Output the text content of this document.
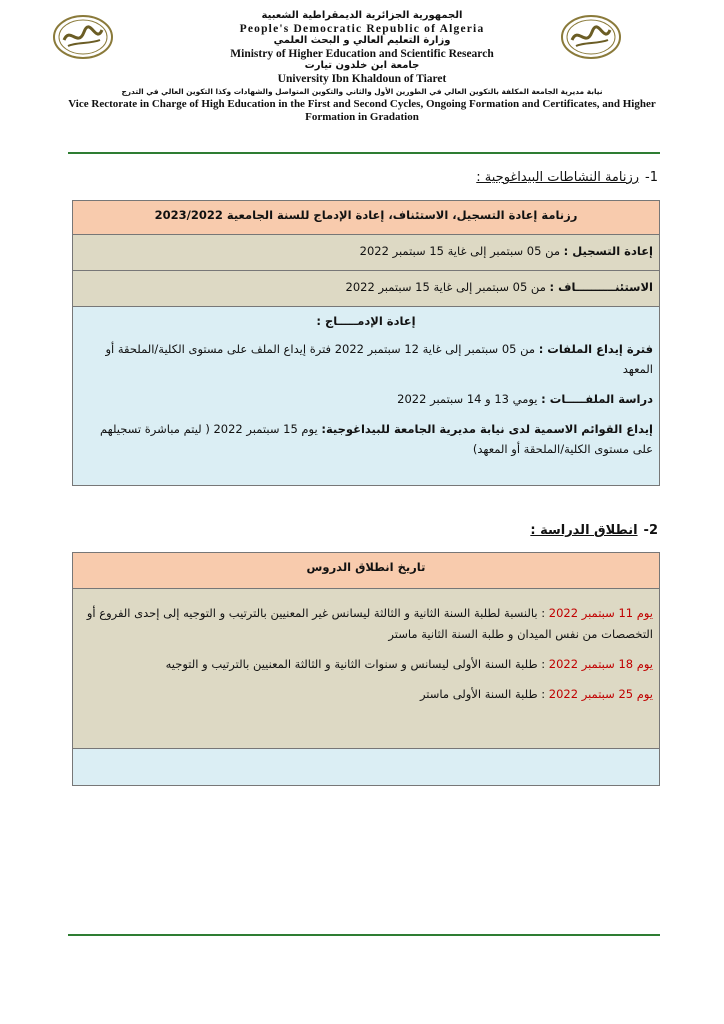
الجمهورية الجزائرية الديمقراطية الشعبية
People's Democratic Republic of Algeria
وزارة التعليم العالي و البحث العلمي
Ministry of Higher Education and Scientific Research
جامعة ابن خلدون تيارت
University Ibn Khaldoun of Tiaret
نيابة مديرية الجامعة المكلفة بالتكوين العالي في الطورين الأول والثاني والتكوين المتواصل والشهادات وكذا التكوين العالي في التدرج
Vice Rectorate in Charge of High Education in the First and Second Cycles, Ongoing Formation and Certificates, and Higher Formation in Gradation
1-رزنامة النشاطات البيداغوجية :
رزنامة إعادة التسجيل، الاستئناف، إعادة الإدماج للسنة الجامعية 2023/2022
إعادة التسجيل : من 05 سبتمبر إلى غاية 15 سبتمبر 2022
الاستئنــــــــــاف : من 05 سبتمبر إلى غاية 15 سبتمبر 2022

إعادة الإدمـــــاج :

فترة إيداع الملفات : من 05 سبتمبر إلى غاية 12 سبتمبر 2022 فترة إيداع الملف على مستوى الكلية/الملحقة أو المعهد

دراسة الملفـــــات : يومي 13 و 14 سبتمبر 2022

إيداع القوائم الاسمية لدى نيابة مديرية الجامعة للبيداغوجية: يوم 15 سبتمبر 2022 ( ليتم مباشرة تسجيلهم على مستوى الكلية/الملحقة أو المعهد)

2-انطلاق الدراسة :
تاريخ انطلاق الدروس

يوم 11 سبتمبر 2022 : بالنسبة لطلبة السنة الثانية و الثالثة ليسانس غير المعنيين بالترتيب و التوجيه إلى إحدى الفروع أو التخصصات من نفس الميدان و طلبة السنة الثانية ماستر

يوم 18 سبتمبر 2022 : طلبة السنة الأولى ليسانس و سنوات الثانية و الثالثة المعنيين بالترتيب و التوجيه

يوم 25 سبتمبر 2022 : طلبة السنة الأولى ماستر
